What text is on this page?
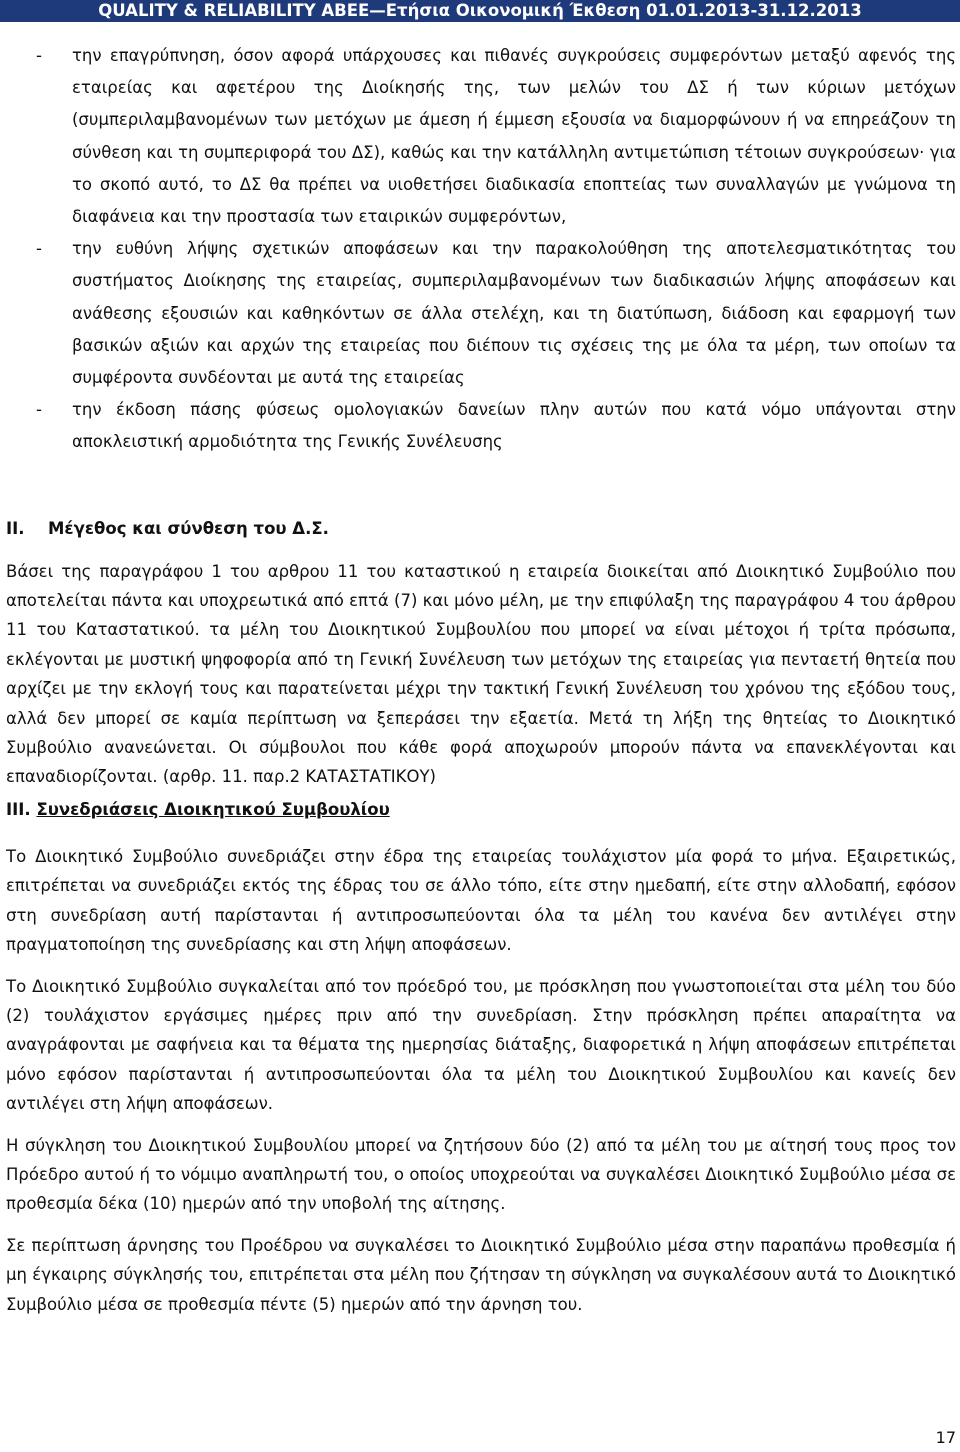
QUALITY & RELIABILITY ABEE—Ετήσια Οικονομική Έκθεση 01.01.2013-31.12.2013
- την επαγρύπνηση, όσον αφορά υπάρχουσες και πιθανές συγκρούσεις συμφερόντων μεταξύ αφενός της εταιρείας και αφετέρου της Διοίκησής της, των μελών του ΔΣ ή των κύριων μετόχων (συμπεριλαμβανομένων των μετόχων με άμεση ή έμμεση εξουσία να διαμορφώνουν ή να επηρεάζουν τη σύνθεση και τη συμπεριφορά του ΔΣ), καθώς και την κατάλληλη αντιμετώπιση τέτοιων συγκρούσεων· για το σκοπό αυτό, το ΔΣ θα πρέπει να υιοθετήσει διαδικασία εποπτείας των συναλλαγών με γνώμονα τη διαφάνεια και την προστασία των εταιρικών συμφερόντων,
- την ευθύνη λήψης σχετικών αποφάσεων και την παρακολούθηση της αποτελεσματικότητας του συστήματος Διοίκησης της εταιρείας, συμπεριλαμβανομένων των διαδικασιών λήψης αποφάσεων και ανάθεσης εξουσιών και καθηκόντων σε άλλα στελέχη, και τη διατύπωση, διάδοση και εφαρμογή των βασικών αξιών και αρχών της εταιρείας που διέπουν τις σχέσεις της με όλα τα μέρη, των οποίων τα συμφέροντα συνδέονται με αυτά της εταιρείας
- την έκδοση πάσης φύσεως ομολογιακών δανείων πλην αυτών που κατά νόμο υπάγονται στην αποκλειστική αρμοδιότητα της Γενικής Συνέλευσης
II. Μέγεθος και σύνθεση του Δ.Σ.

Βάσει της παραγράφου 1 του αρθρου 11 του καταστικού η εταιρεία διοικείται από Διοικητικό Συμβούλιο που αποτελείται πάντα και υποχρεωτικά από επτά (7) και μόνο μέλη, με την επιφύλαξη της παραγράφου 4 του άρθρου 11 του Καταστατικού. τα μέλη του Διοικητικού Συμβουλίου που μπορεί να είναι μέτοχοι ή τρίτα πρόσωπα, εκλέγονται με μυστική ψηφοφορία από τη Γενική Συνέλευση των μετόχων της εταιρείας για πενταετή θητεία που αρχίζει με την εκλογή τους και παρατείνεται μέχρι την τακτική Γενική Συνέλευση του χρόνου της εξόδου τους, αλλά δεν μπορεί σε καμία περίπτωση να ξεπεράσει την εξαετία. Μετά τη λήξη της θητείας το Διοικητικό Συμβούλιο ανανεώνεται. Οι σύμβουλοι που κάθε φορά αποχωρούν μπορούν πάντα να επανεκλέγονται και επαναδιορίζονται. (αρθρ. 11. παρ.2 ΚΑΤΑΣΤΑΤΙΚΟΥ)

III. Συνεδριάσεις Διοικητικού Συμβουλίου

Το Διοικητικό Συμβούλιο συνεδριάζει στην έδρα της εταιρείας τουλάχιστον μία φορά το μήνα. Εξαιρετικώς, επιτρέπεται να συνεδριάζει εκτός της έδρας του σε άλλο τόπο, είτε στην ημεδαπή, είτε στην αλλοδαπή, εφόσον στη συνεδρίαση αυτή παρίστανται ή αντιπροσωπεύονται όλα τα μέλη του κανένα δεν αντιλέγει στην πραγματοποίηση της συνεδρίασης και στη λήψη αποφάσεων.

Το Διοικητικό Συμβούλιο συγκαλείται από τον πρόεδρό του, με πρόσκληση που γνωστοποιείται στα μέλη του δύο (2) τουλάχιστον εργάσιμες ημέρες πριν από την συνεδρίαση. Στην πρόσκληση πρέπει απαραίτητα να αναγράφονται με σαφήνεια και τα θέματα της ημερησίας διάταξης, διαφορετικά η λήψη αποφάσεων επιτρέπεται μόνο εφόσον παρίστανται ή αντιπροσωπεύονται όλα τα μέλη του Διοικητικού Συμβουλίου και κανείς δεν αντιλέγει στη λήψη αποφάσεων.

Η σύγκληση του Διοικητικού Συμβουλίου μπορεί να ζητήσουν δύο (2) από τα μέλη του με αίτησή τους προς τον Πρόεδρο αυτού ή το νόμιμο αναπληρωτή του, ο οποίος υποχρεούται να συγκαλέσει Διοικητικό Συμβούλιο μέσα σε προθεσμία δέκα (10) ημερών από την υποβολή της αίτησης.

Σε περίπτωση άρνησης του Προέδρου να συγκαλέσει το Διοικητικό Συμβούλιο μέσα στην παραπάνω προθεσμία ή μη έγκαιρης σύγκλησής του, επιτρέπεται στα μέλη που ζήτησαν τη σύγκληση να συγκαλέσουν αυτά το Διοικητικό Συμβούλιο μέσα σε προθεσμία πέντε (5) ημερών από την άρνηση του.

17
